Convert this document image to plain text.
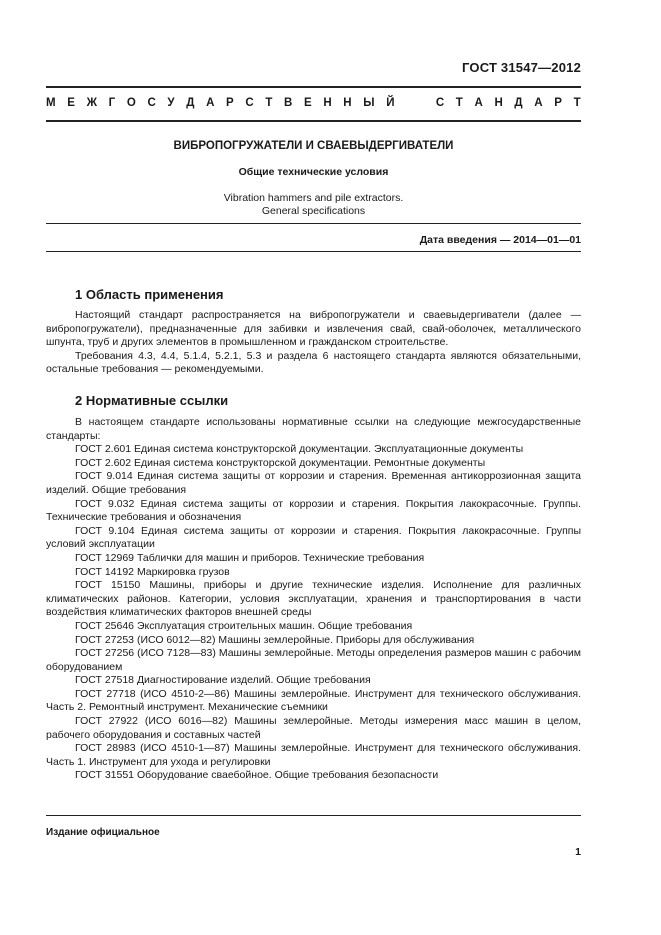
ГОСТ 31547—2012
М Е Ж Г О С У Д А Р С Т В Е Н Н Ы Й

	С Т А Н Д А Р Т
ВИБРОПОГРУЖАТЕЛИ И СВАЕВЫДЕРГИВАТЕЛИ
Общие технические условия
Vibration hammers and pile extractors.
General specifications
Дата введения — 2014—01—01
1 Область применения

Настоящий стандарт распространяется на вибропогружатели и сваевыдергиватели (далее — вибропогружатели), предназначенные для забивки и извлечения свай, свай-оболочек, металлического шпунта, труб и других элементов в промышленном и гражданском строительстве.

Требования 4.3, 4.4, 5.1.4, 5.2.1, 5.3 и раздела 6 настоящего стандарта являются обязательными, остальные требования — рекомендуемыми.

2 Нормативные ссылки

В настоящем стандарте использованы нормативные ссылки на следующие межгосударственные стандарты:

ГОСТ 2.601 Единая система конструкторской документации. Эксплуатационные документы

ГОСТ 2.602 Единая система конструкторской документации. Ремонтные документы

ГОСТ 9.014 Единая система защиты от коррозии и старения. Временная антикоррозионная защита изделий. Общие требования

ГОСТ 9.032 Единая система защиты от коррозии и старения. Покрытия лакокрасочные. Группы. Технические требования и обозначения

ГОСТ 9.104 Единая система защиты от коррозии и старения. Покрытия лакокрасочные. Группы условий эксплуатации

ГОСТ 12969 Таблички для машин и приборов. Технические требования

ГОСТ 14192 Маркировка грузов

ГОСТ 15150 Машины, приборы и другие технические изделия. Исполнение для различных климатических районов. Категории, условия эксплуатации, хранения и транспортирования в части воздействия климатических факторов внешней среды

ГОСТ 25646 Эксплуатация строительных машин. Общие требования

ГОСТ 27253 (ИСО 6012—82) Машины землеройные. Приборы для обслуживания

ГОСТ 27256 (ИСО 7128—83) Машины землеройные. Методы определения размеров машин с рабочим оборудованием

ГОСТ 27518 Диагностирование изделий. Общие требования

ГОСТ 27718 (ИСО 4510-2—86) Машины землеройные. Инструмент для технического обслуживания. Часть 2. Ремонтный инструмент. Механические съемники

ГОСТ 27922 (ИСО 6016—82) Машины землеройные. Методы измерения масс машин в целом, рабочего оборудования и составных частей

ГОСТ 28983 (ИСО 4510-1—87) Машины землеройные. Инструмент для технического обслуживания. Часть 1. Инструмент для ухода и регулировки

ГОСТ 31551 Оборудование сваебойное. Общие требования безопасности

Издание официальное
1
